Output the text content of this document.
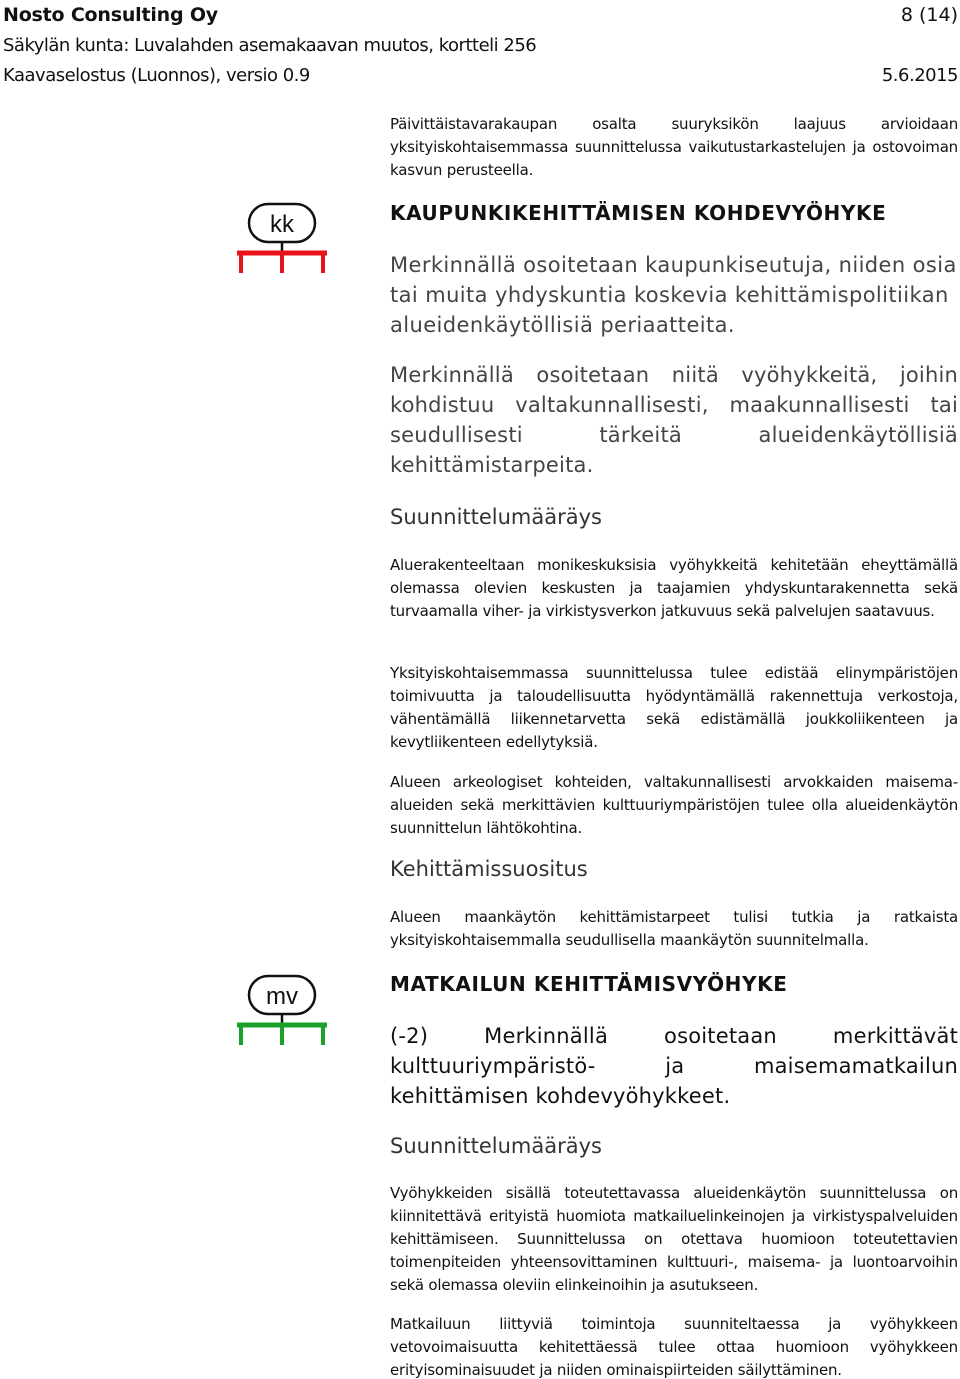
Nosto Consulting Oy	8 (14)
Säkylän kunta: Luvalahden asemakaavan muutos, kortteli 256
Kaavaselostus (Luonnos), versio 0.9	5.6.2015

Päivittäistavarakaupan osalta suuryksikön laajuus arvioidaan yksityiskohtaisemmassa suunnittelussa vaikutustarkastelujen ja ostovoiman kasvun perusteella.

kk	KAUPUNKIKEHITTÄMISEN KOHDEVYÖHYKE

Merkinnällä osoitetaan kaupunkiseutuja, niiden osia tai muita yhdyskuntia koskevia kehittämispolitiikan alueidenkäytöllisiä periaatteita.

Merkinnällä osoitetaan niitä vyöhykkeitä, joihin kohdistuu valtakunnallisesti, maakunnallisesti tai seudullisesti tärkeitä alueidenkäytöllisiä kehittämistarpeita.

Suunnittelumääräys

Aluerakenteeltaan monikeskuksisia vyöhykkeitä kehitetään eheyttämällä olemassa olevien keskusten ja taajamien yhdyskuntarakennetta sekä turvaamalla viher- ja virkistysverkon jatkuvuus sekä palvelujen saatavuus.

Yksityiskohtaisemmassa suunnittelussa tulee edistää elinympäristöjen toimivuutta ja taloudellisuutta hyödyntämällä rakennettuja verkostoja, vähentämällä liikennetarvetta sekä edistämällä joukkoliikenteen ja kevytliikenteen edellytyksiä.

Alueen arkeologiset kohteiden, valtakunnallisesti arvokkaiden maisema-alueiden sekä merkittävien kulttuuriympäristöjen tulee olla alueidenkäytön suunnittelun lähtökohtina.

Kehittämissuositus

Alueen maankäytön kehittämistarpeet tulisi tutkia ja ratkaista yksityiskohtaisemmalla seudullisella maankäytön suunnitelmalla.

mv	MATKAILUN KEHITTÄMISVYÖHYKE

(-2) Merkinnällä osoitetaan merkittävät kulttuuriympäristö- ja maisemamatkailun kehittämisen kohdevyöhykkeet.

Suunnittelumääräys

Vyöhykkeiden sisällä toteutettavassa alueidenkäytön suunnittelussa on kiinnitettävä erityistä huomiota matkailuelinkeinojen ja virkistyspalveluiden kehittämiseen. Suunnittelussa on otettava huomioon toteutettavien toimenpiteiden yhteensovittaminen kulttuuri-, maisema- ja luontoarvoihin sekä olemassa oleviin elinkeinoihin ja asutukseen.

Matkailuun liittyviä toimintoja suunniteltaessa ja vyöhykkeen vetovoimaisuutta kehitettäessä tulee ottaa huomioon vyöhykkeen erityisominaisuudet ja niiden ominaispiirteiden säilyttäminen.
